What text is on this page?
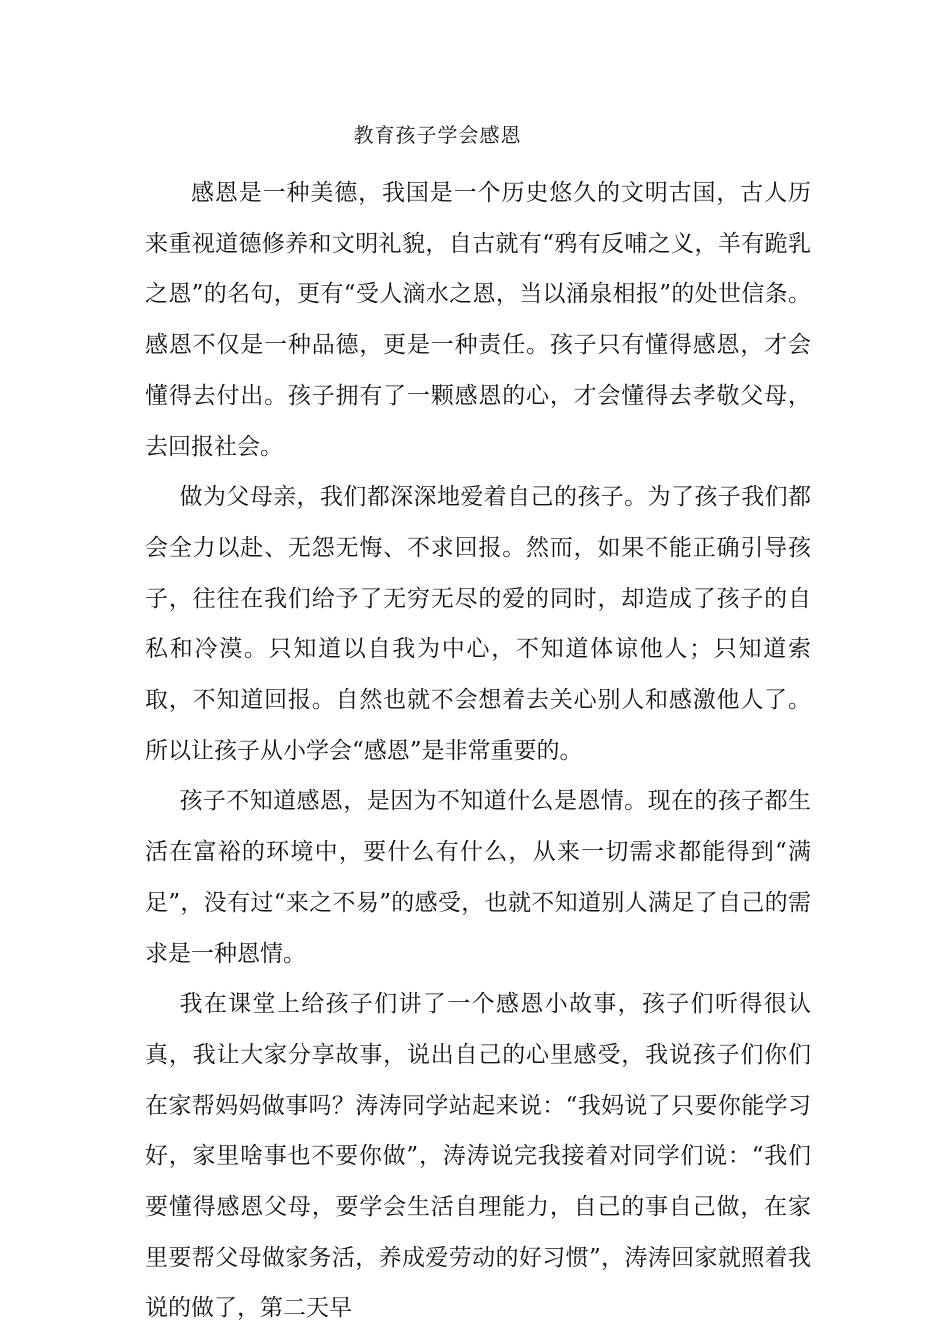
教育孩子学会感恩

感恩是一种美德，我国是一个历史悠久的文明古国，古人历来重视道德修养和文明礼貌，自古就有“鸦有反哺之义，羊有跪乳之恩”的名句，更有“受人滴水之恩，当以涌泉相报”的处世信条。感恩不仅是一种品德，更是一种责任。孩子只有懂得感恩，才会懂得去付出。孩子拥有了一颗感恩的心，才会懂得去孝敬父母，去回报社会。

做为父母亲，我们都深深地爱着自己的孩子。为了孩子我们都会全力以赴、无怨无悔、不求回报。然而，如果不能正确引导孩子，往往在我们给予了无穷无尽的爱的同时，却造成了孩子的自私和冷漠。只知道以自我为中心，不知道体谅他人；只知道索取，不知道回报。自然也就不会想着去关心别人和感激他人了。所以让孩子从小学会“感恩”是非常重要的。

孩子不知道感恩，是因为不知道什么是恩情。现在的孩子都生活在富裕的环境中，要什么有什么，从来一切需求都能得到“满足”，没有过“来之不易”的感受，也就不知道别人满足了自己的需求是一种恩情。

我在课堂上给孩子们讲了一个感恩小故事，孩子们听得很认真，我让大家分享故事，说出自己的心里感受，我说孩子们你们在家帮妈妈做事吗？涛涛同学站起来说：“我妈说了只要你能学习好，家里啥事也不要你做”，涛涛说完我接着对同学们说：“我们要懂得感恩父母，要学会生活自理能力，自己的事自己做，在家里要帮父母做家务活，养成爱劳动的好习惯”，涛涛回家就照着我说的做了，第二天早
